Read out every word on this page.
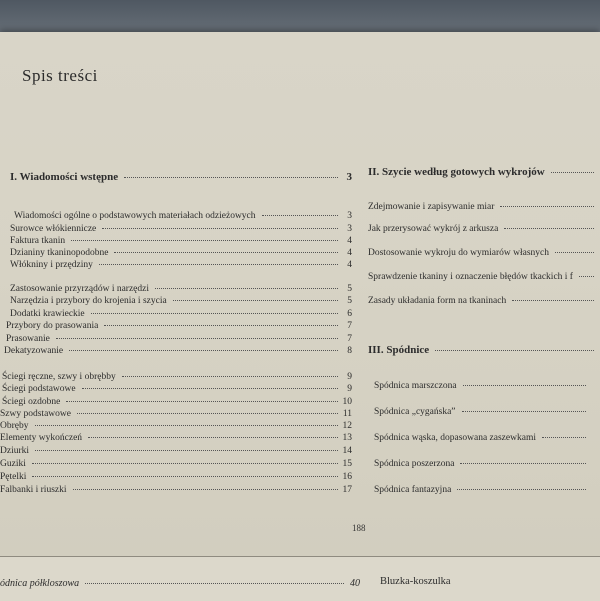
Spis treści
I. Wiadomości wstępne	3
Wiadomości ogólne o podstawowych materiałach odzieżowych	3
Surowce włókiennicze	3
Faktura tkanin	4
Dzianiny tkaninopodobne	4
Włókniny i przędziny	4
Zastosowanie przyrządów i narzędzi	5
Narzędzia i przybory do krojenia i szycia	5
Dodatki krawieckie	6
Przybory do prasowania	7
Prasowanie	7
Dekatyzowanie	8
Ściegi ręczne, szwy i obrębby	9
Ściegi podstawowe	9
Ściegi ozdobne	10
Szwy podstawowe	11
Obręby	12
Elementy wykończeń	13
Dziurki	14
Guziki	15
Pętelki	16
Falbanki i riuszki	17
II. Szycie według gotowych wykrojów
Zdejmowanie i zapisywanie miar
Jak przerysować wykrój z arkusza
Dostosowanie wykroju do wymiarów własnych
Sprawdzenie tkaniny i oznaczenie błędów tkackich i f
Zasady układania form na tkaninach
III. Spódnice
Spódnica marszczona
Spódnica „cygańska”
Spódnica wąska, dopasowana zaszewkami
Spódnica poszerzona
Spódnica fantazyjna
188
ódnica półkloszowa	40 Bluzka-koszulka
